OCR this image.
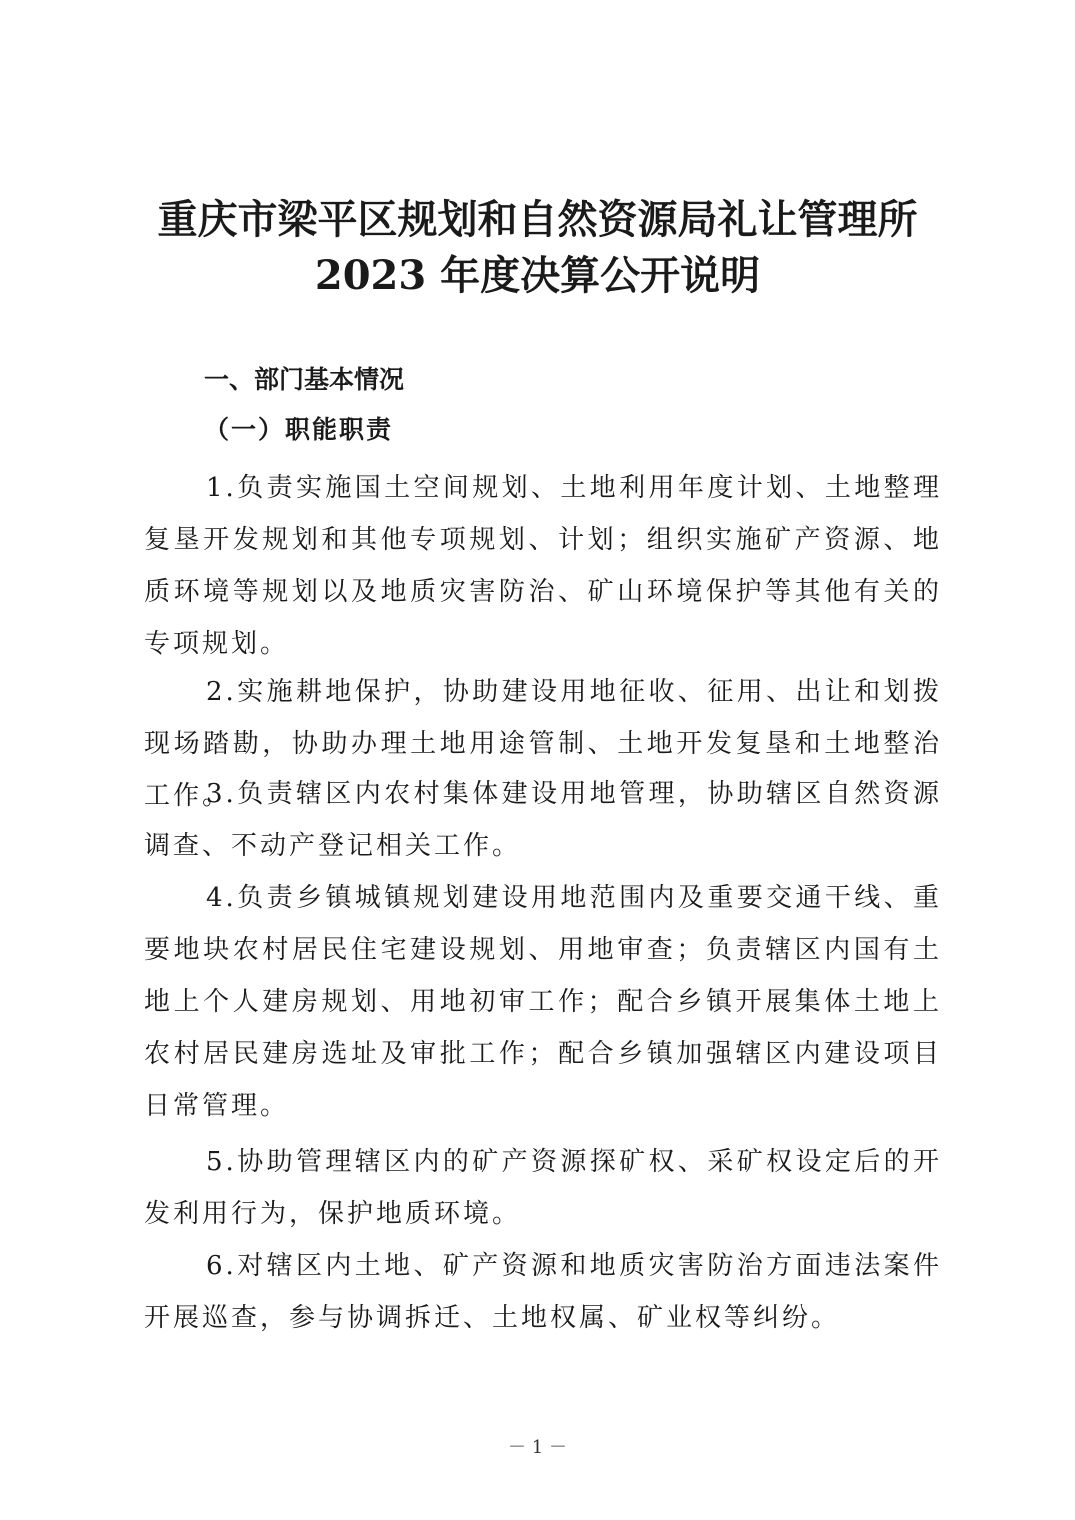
重庆市梁平区规划和自然资源局礼让管理所
2023 年度决算公开说明
一、部门基本情况
（一）职能职责

1.负责实施国土空间规划、土地利用年度计划、土地整理复垦开发规划和其他专项规划、计划；组织实施矿产资源、地质环境等规划以及地质灾害防治、矿山环境保护等其他有关的专项规划。

2.实施耕地保护，协助建设用地征收、征用、出让和划拨现场踏勘，协助办理土地用途管制、土地开发复垦和土地整治工作。

3.负责辖区内农村集体建设用地管理，协助辖区自然资源调查、不动产登记相关工作。

4.负责乡镇城镇规划建设用地范围内及重要交通干线、重要地块农村居民住宅建设规划、用地审查；负责辖区内国有土地上个人建房规划、用地初审工作；配合乡镇开展集体土地上农村居民建房选址及审批工作；配合乡镇加强辖区内建设项目日常管理。

5.协助管理辖区内的矿产资源探矿权、采矿权设定后的开发利用行为，保护地质环境。

6.对辖区内土地、矿产资源和地质灾害防治方面违法案件开展巡查，参与协调拆迁、土地权属、矿业权等纠纷。

－ 1 －
